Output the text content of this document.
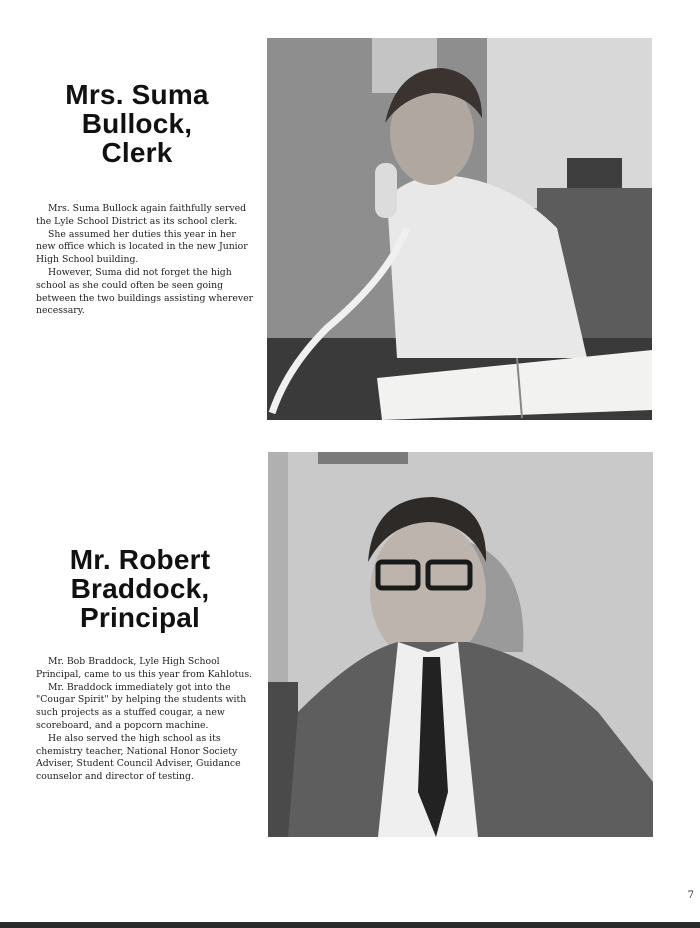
Mrs. Suma
Bullock,
Clerk

Mrs. Suma Bullock again faithfully served the Lyle School District as its school clerk.

She assumed her duties this year in her new office which is located in the new Junior High School building.

However, Suma did not forget the high school as she could often be seen going between the two buildings assisting wherever necessary.

Mr. Robert
Braddock,
Principal

Mr. Bob Braddock, Lyle High School Principal, came to us this year from Kahlotus.

Mr. Braddock immediately got into the "Cougar Spirit" by helping the students with such projects as a stuffed cougar, a new scoreboard, and a popcorn machine.

He also served the high school as its chemistry teacher, National Honor Society Adviser, Student Council Adviser, Guidance counselor and director of testing.

7
